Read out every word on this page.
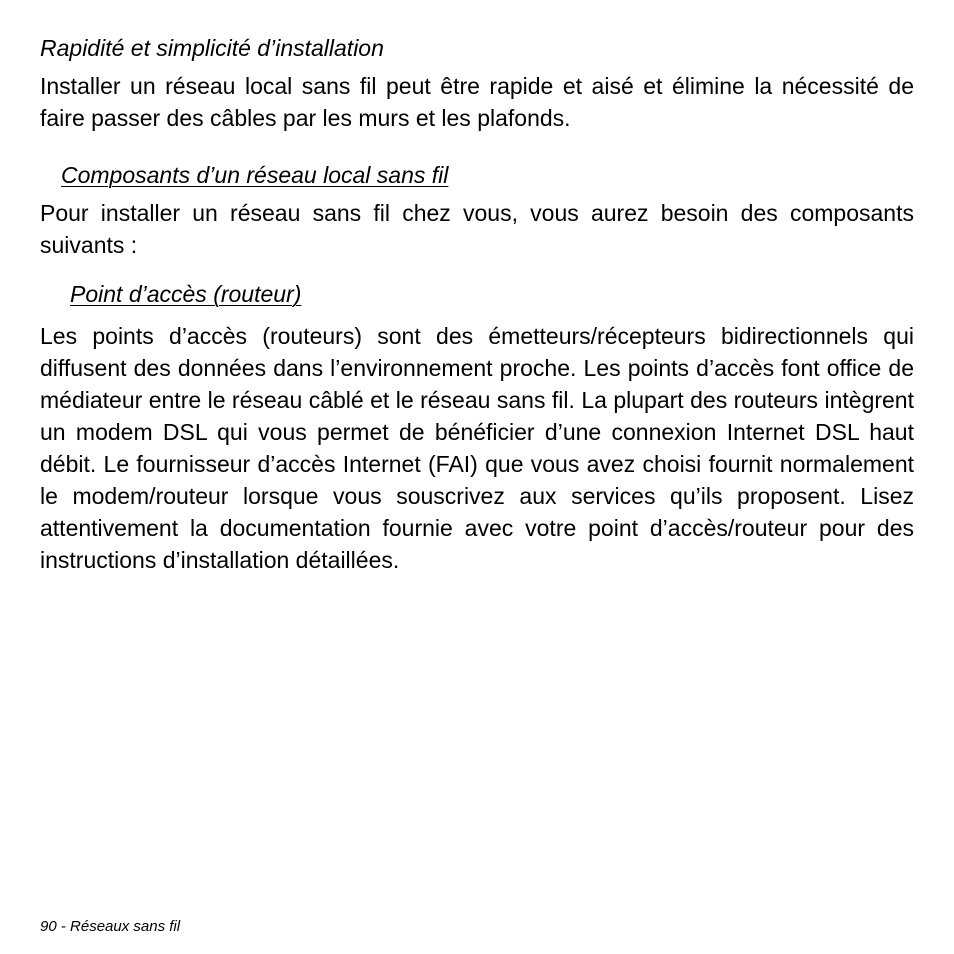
Rapidité et simplicité d’installation

Installer un réseau local sans fil peut être rapide et aisé et élimine la nécessité de faire passer des câbles par les murs et les plafonds.

Composants d’un réseau local sans fil

Pour installer un réseau sans fil chez vous, vous aurez besoin des composants suivants :

Point d’accès (routeur)

Les points d’accès (routeurs) sont des émetteurs/récepteurs bidirectionnels qui diffusent des données dans l’environnement proche. Les points d’accès font office de médiateur entre le réseau câblé et le réseau sans fil. La plupart des routeurs intègrent un modem DSL qui vous permet de bénéficier d’une connexion Internet DSL haut débit. Le fournisseur d’accès Internet (FAI) que vous avez choisi fournit normalement le modem/routeur lorsque vous souscrivez aux services qu’ils proposent. Lisez attentivement la documentation fournie avec votre point d’accès/routeur pour des instructions d’installation détaillées.

90 - Réseaux sans fil
